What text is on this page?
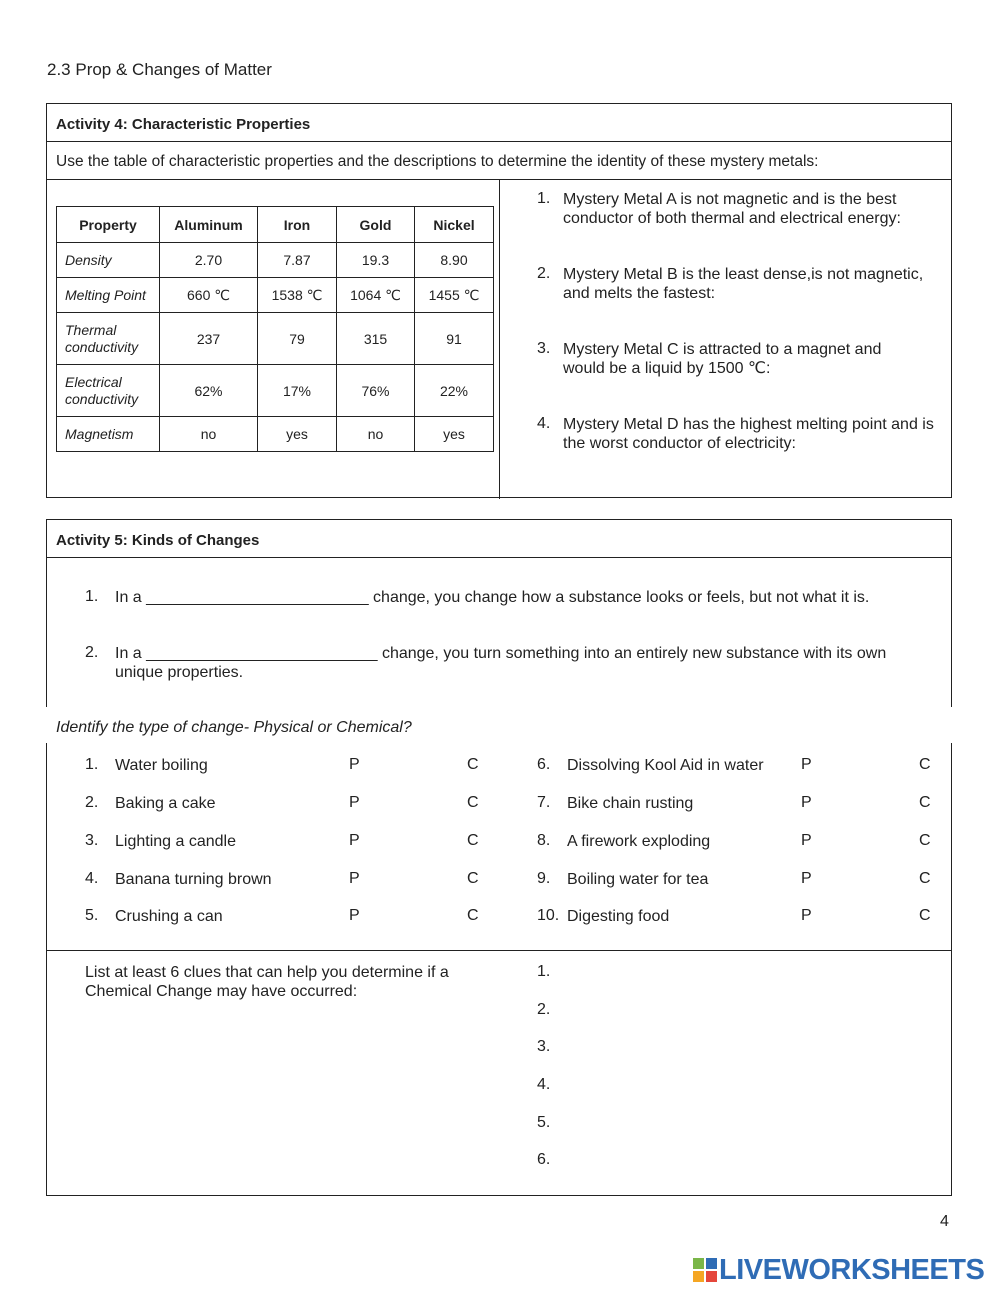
2.3 Prop & Changes of Matter
Activity 4: Characteristic Properties
Use the table of characteristic properties and the descriptions to determine the identity of these mystery metals:
Property	Aluminum	Iron	Gold	Nickel
Density	2.70	7.87	19.3	8.90
Melting Point	660 ℃	1538 ℃	1064 ℃	1455 ℃
Thermal
conductivity	237	79	315	91
Electrical
conductivity	62%	17%	76%	22%
Magnetism	no	yes	no	yes
1. Mystery Metal A is not magnetic and is the best conductor of both thermal and electrical energy:
2. Mystery Metal B is the least dense,is not magnetic, and melts the fastest:
3. Mystery Metal C is attracted to a magnet and would be a liquid by 1500 ℃:
4. Mystery Metal D has the highest melting point and is the worst conductor of electricity:
Activity 5: Kinds of Changes
1. In a _________________________ change, you change how a substance looks or feels, but not what it is.
2. In a __________________________ change, you turn something into an entirely new substance with its own unique properties.
Identify the type of change- Physical or Chemical?
1. Water boiling	P	C
2. Baking a cake	P	C
3. Lighting a candle	P	C
4. Banana turning brown	P	C
5. Crushing a can	P	C
6. Dissolving Kool Aid in water P	C
7. Bike chain rusting	P	C
8. A firework exploding	P	C
9. Boiling water for tea	P	C
10. Digesting food	P	C
List at least 6 clues that can help you determine if a Chemical Change may have occurred:
1.
2.
3.
4.
5.
6.
4
LIVEWORKSHEETS
